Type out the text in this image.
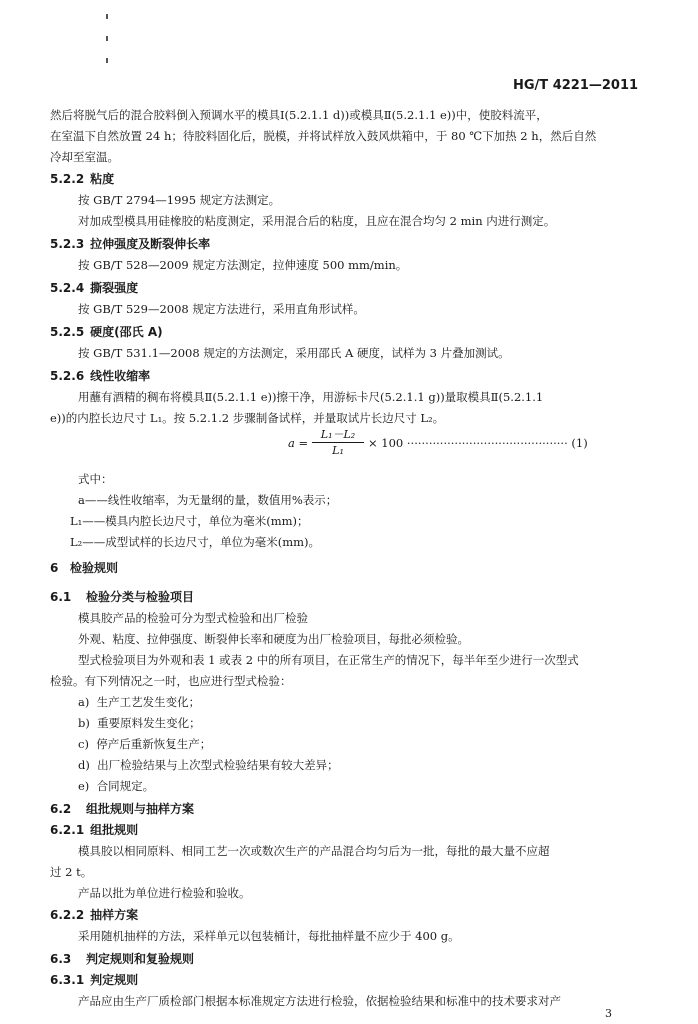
HG/T 4221—2011
然后将脱气后的混合胶料倒入预调水平的模具Ⅰ(5.2.1.1 d))或模具Ⅱ(5.2.1.1 e))中，使胶料流平，
在室温下自然放置 24 h；待胶料固化后，脱模，并将试样放入鼓风烘箱中，于 80 ℃下加热 2 h，然后自然
冷却至室温。
5.2.2 粘度
按 GB/T 2794—1995 规定方法测定。
对加成型模具用硅橡胶的粘度测定，采用混合后的粘度，且应在混合均匀 2 min 内进行测定。
5.2.3 拉伸强度及断裂伸长率
按 GB/T 528—2009 规定方法测定，拉伸速度 500 mm/min。
5.2.4 撕裂强度
按 GB/T 529—2008 规定方法进行，采用直角形试样。
5.2.5 硬度(邵氏 A)
按 GB/T 531.1—2008 规定的方法测定，采用邵氏 A 硬度，试样为 3 片叠加测试。
5.2.6 线性收缩率
用蘸有酒精的稠布将模具Ⅱ(5.2.1.1 e))擦干净，用游标卡尺(5.2.1.1 g))量取模具Ⅱ(5.2.1.1
e))的内腔长边尺寸 L₁。按 5.2.1.2 步骤制备试样，并量取试片长边尺寸 L₂。
a =
L₁－L₂
L₁
× 100 ············································ (1)
式中：
a——线性收缩率，为无量纲的量，数值用%表示；
L₁——模具内腔长边尺寸，单位为毫米(mm)；
L₂——成型试样的长边尺寸，单位为毫米(mm)。
6 检验规则
6.1 检验分类与检验项目
模具胶产品的检验可分为型式检验和出厂检验
外观、粘度、拉伸强度、断裂伸长率和硬度为出厂检验项目，每批必须检验。
型式检验项目为外观和表 1 或表 2 中的所有项目，在正常生产的情况下，每半年至少进行一次型式
检验。有下列情况之一时，也应进行型式检验：
a) 生产工艺发生变化；
b) 重要原料发生变化；
c) 停产后重新恢复生产；
d) 出厂检验结果与上次型式检验结果有较大差异；
e) 合同规定。
6.2 组批规则与抽样方案
6.2.1 组批规则
模具胶以相同原料、相同工艺一次或数次生产的产品混合均匀后为一批，每批的最大量不应超
过 2 t。
产品以批为单位进行检验和验收。
6.2.2 抽样方案
采用随机抽样的方法，采样单元以包装桶计，每批抽样量不应少于 400 g。
6.3 判定规则和复验规则
6.3.1 判定规则
产品应由生产厂质检部门根据本标准规定方法进行检验，依据检验结果和标准中的技术要求对产
3
